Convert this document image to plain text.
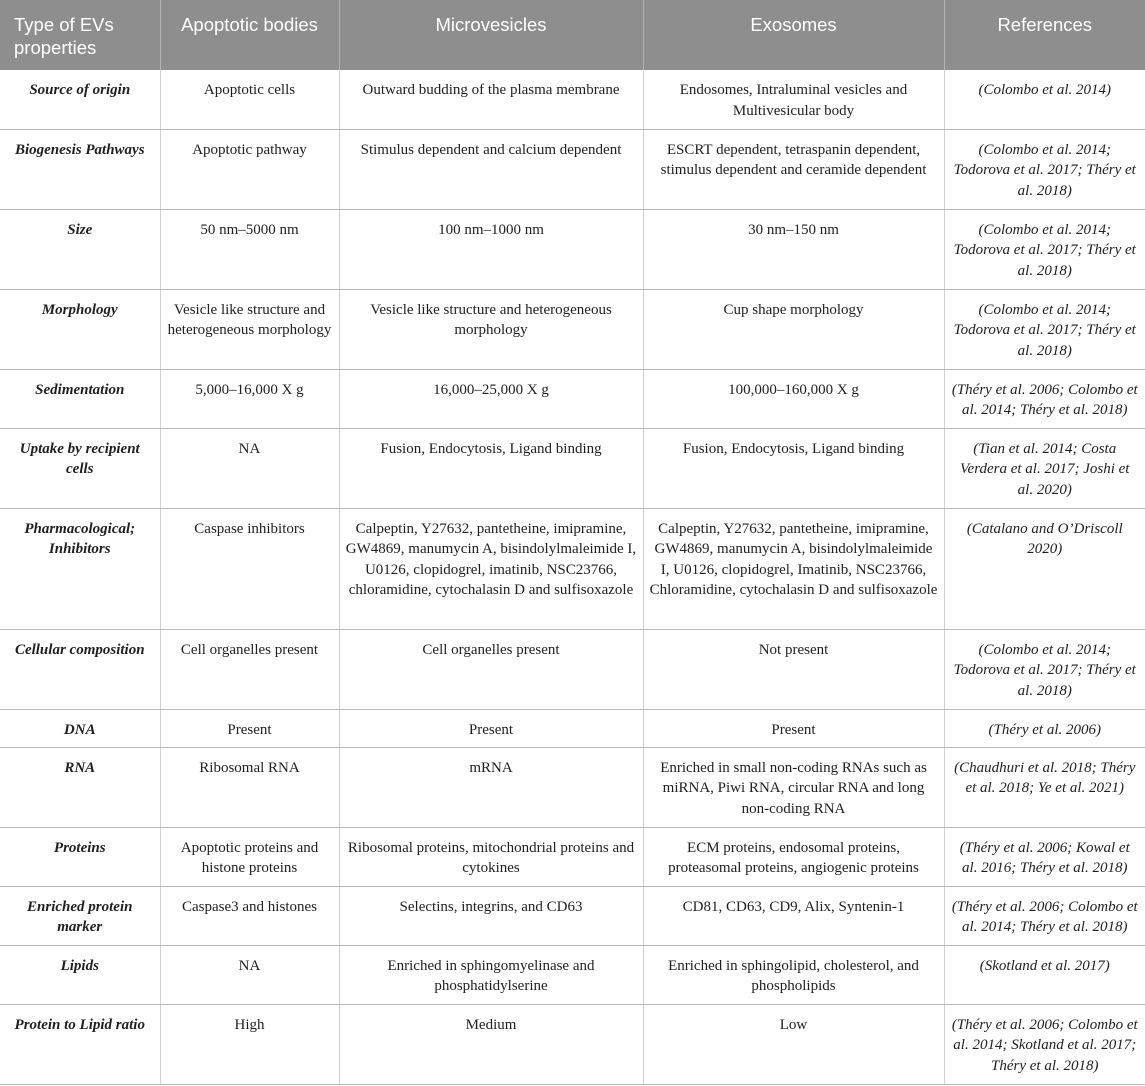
Type of EVs properties	Apoptotic bodies	Microvesicles	Exosomes	References
Source of origin	Apoptotic cells	Outward budding of the plasma membrane	Endosomes, Intraluminal vesicles and Multivesicular body	(Colombo et al. 2014)
Biogenesis Pathways	Apoptotic pathway	Stimulus dependent and calcium dependent	ESCRT dependent, tetraspanin dependent, stimulus dependent and ceramide dependent	(Colombo et al. 2014; Todorova et al. 2017; Théry et al. 2018)
Size	50 nm–5000 nm	100 nm–1000 nm	30 nm–150 nm	(Colombo et al. 2014; Todorova et al. 2017; Théry et al. 2018)
Morphology	Vesicle like structure and heterogeneous morphology	Vesicle like structure and heterogeneous morphology	Cup shape morphology	(Colombo et al. 2014; Todorova et al. 2017; Théry et al. 2018)
Sedimentation	5,000–16,000 X g	16,000–25,000 X g	100,000–160,000 X g	(Théry et al. 2006; Colombo et al. 2014; Théry et al. 2018)
Uptake by recipient cells	NA	Fusion, Endocytosis, Ligand binding	Fusion, Endocytosis, Ligand binding	(Tian et al. 2014; Costa Verdera et al. 2017; Joshi et al. 2020)
Pharmacological; Inhibitors	Caspase inhibitors	Calpeptin, Y27632, pantetheine, imipramine, GW4869, manumycin A, bisindolylmaleimide I, U0126, clopidogrel, imatinib, NSC23766, chloramidine, cytochalasin D and sulfisoxazole	Calpeptin, Y27632, pantetheine, imipramine, GW4869, manumycin A, bisindolylmaleimide I, U0126, clopidogrel, Imatinib, NSC23766, Chloramidine, cytochalasin D and sulfisoxazole	(Catalano and O’Driscoll 2020)
Cellular composition	Cell organelles present	Cell organelles present	Not present	(Colombo et al. 2014; Todorova et al. 2017; Théry et al. 2018)
DNA	Present	Present	Present	(Théry et al. 2006)
RNA	Ribosomal RNA	mRNA	Enriched in small non-coding RNAs such as miRNA, Piwi RNA, circular RNA and long non-coding RNA	(Chaudhuri et al. 2018; Théry et al. 2018; Ye et al. 2021)
Proteins	Apoptotic proteins and histone proteins	Ribosomal proteins, mitochondrial proteins and cytokines	ECM proteins, endosomal proteins, proteasomal proteins, angiogenic proteins	(Théry et al. 2006; Kowal et al. 2016; Théry et al. 2018)
Enriched protein marker	Caspase3 and histones	Selectins, integrins, and CD63	CD81, CD63, CD9, Alix, Syntenin-1	(Théry et al. 2006; Colombo et al. 2014; Théry et al. 2018)
Lipids	NA	Enriched in sphingomyelinase and phosphatidylserine	Enriched in sphingolipid, cholesterol, and phospholipids	(Skotland et al. 2017)
Protein to Lipid ratio	High	Medium	Low	(Théry et al. 2006; Colombo et al. 2014; Skotland et al. 2017; Théry et al. 2018)
